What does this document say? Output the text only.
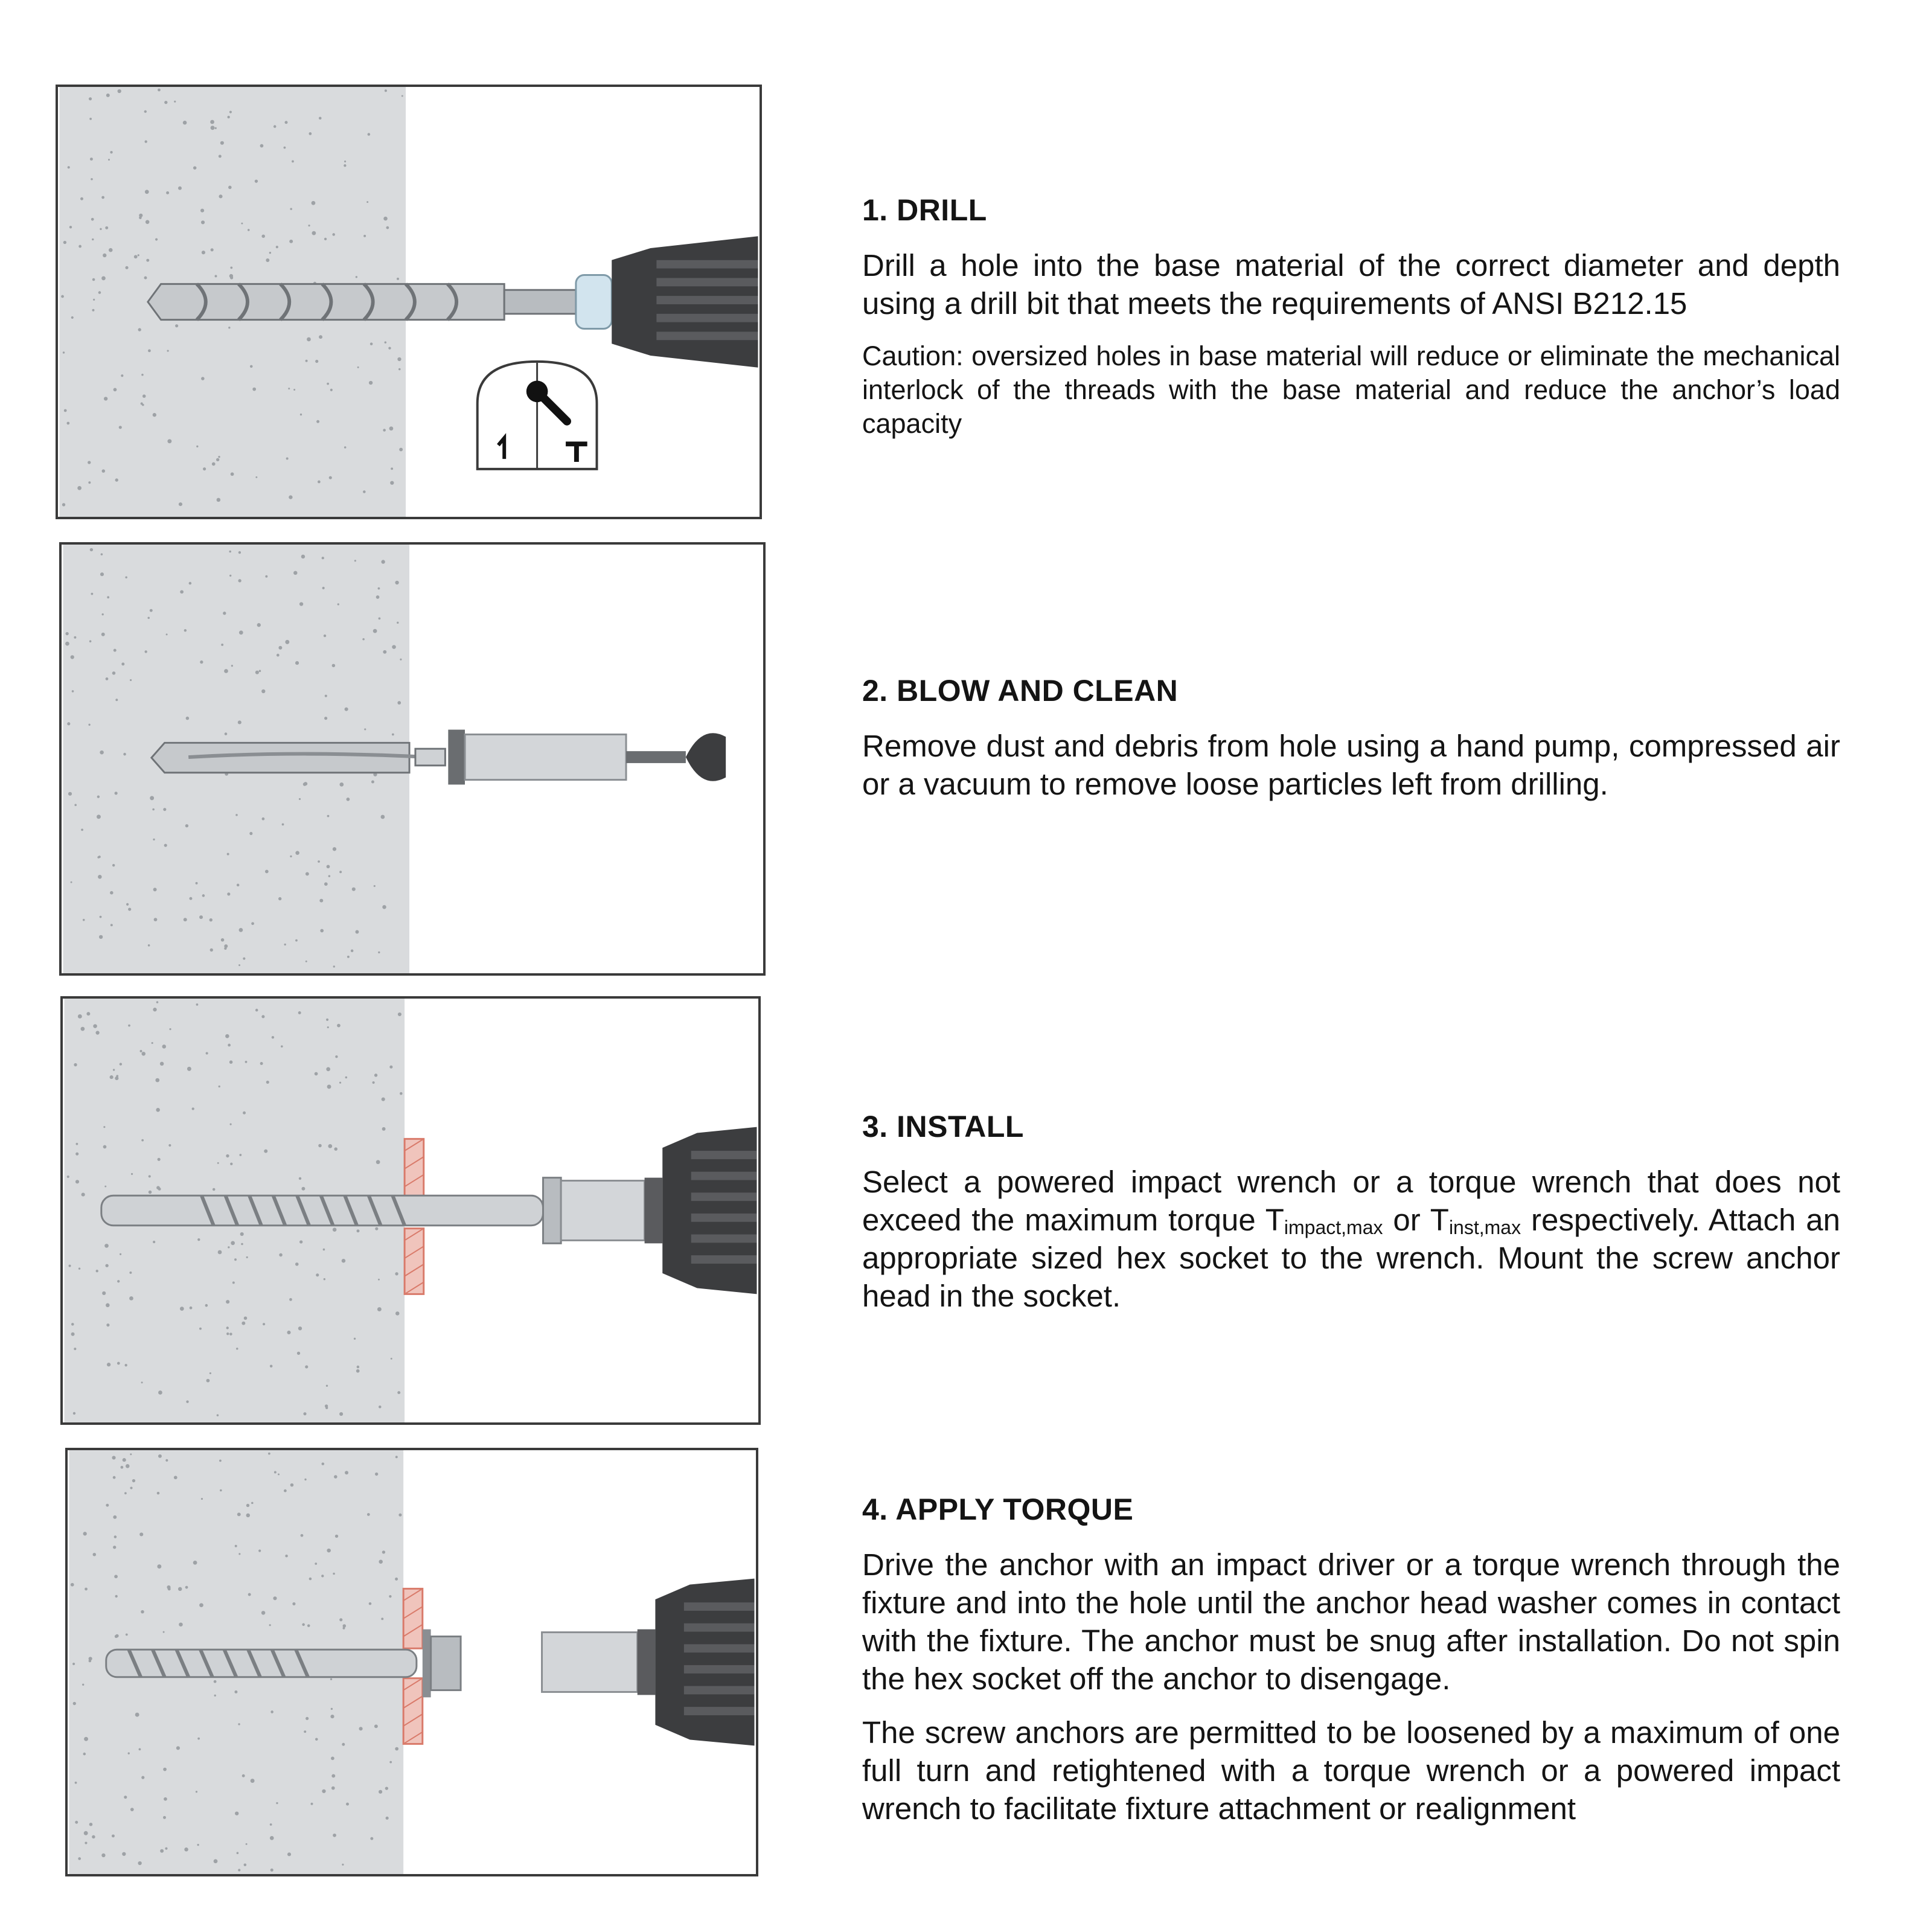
1. DRILL

Drill a hole into the base material of the correct diameter and depth using a drill bit that meets the requirements of ANSI B212.15

Caution: oversized holes in base material will reduce or eliminate the mechanical interlock of the threads with the base material and reduce the anchor’s load capacity

2. BLOW AND CLEAN

Remove dust and debris from hole using a hand pump, compressed air or a vacuum to remove loose particles left from drilling.

3. INSTALL

Select a powered impact wrench or a torque wrench that does not exceed the maximum torque $T_{impact,max}$ or $T_{inst,max}$ respectively. Attach an appropriate sized hex socket to the wrench. Mount the screw anchor head in the socket.

4. APPLY TORQUE

Drive the anchor with an impact driver or a torque wrench through the fixture and into the hole until the anchor head washer comes in contact with the fixture. The anchor must be snug after installation. Do not spin the hex socket off the anchor to disengage.

The screw anchors are permitted to be loosened by a maximum of one full turn and retightened with a torque wrench or a powered impact wrench to facilitate fixture attachment or realignment
